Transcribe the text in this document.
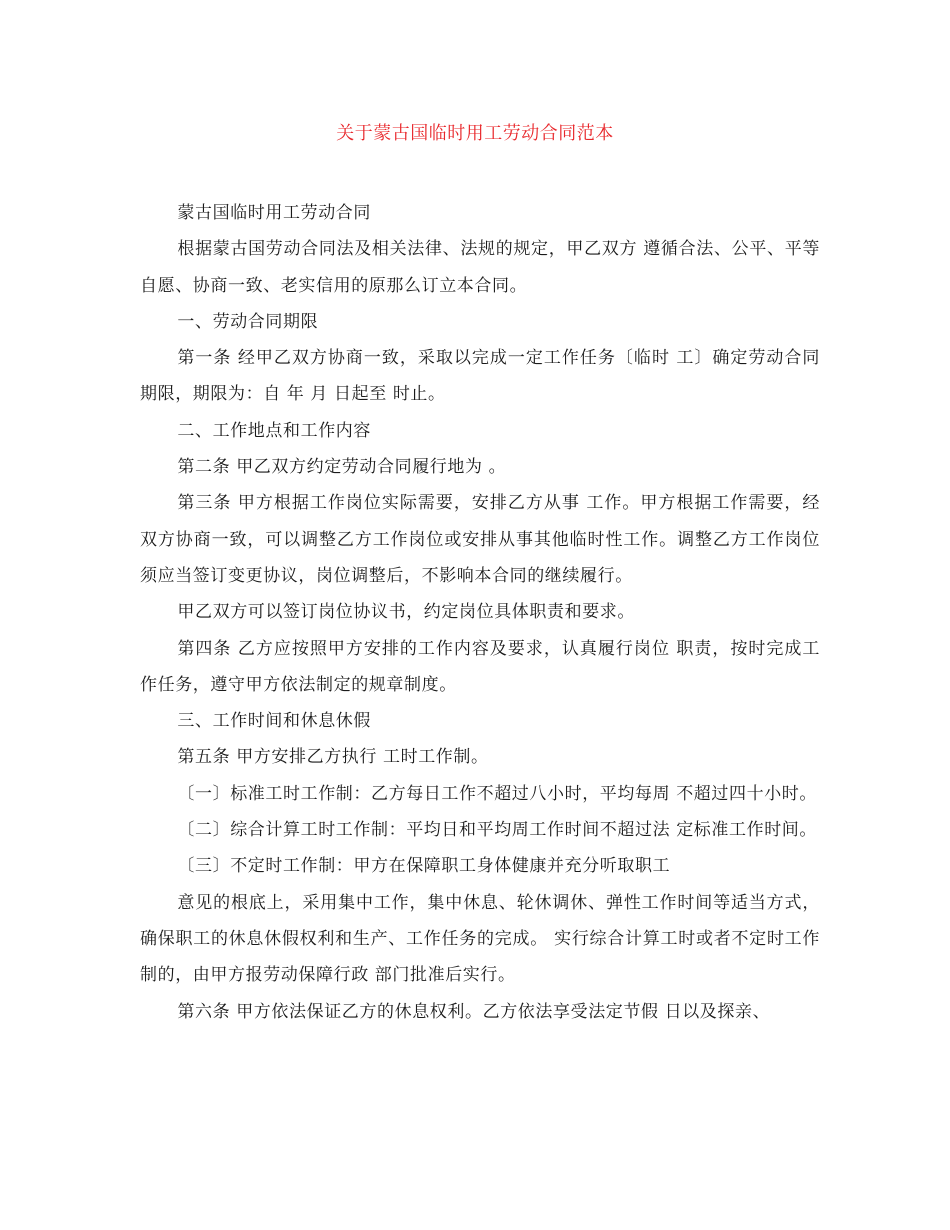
关于蒙古国临时用工劳动合同范本

蒙古国临时用工劳动合同

根据蒙古国劳动合同法及相关法律、法规的规定，甲乙双方 遵循合法、公平、平等自愿、协商一致、老实信用的原那么订立本合同。

一、劳动合同期限

第一条 经甲乙双方协商一致，采取以完成一定工作任务〔临时 工〕确定劳动合同期限，期限为：自 年 月 日起至 时止。

二、工作地点和工作内容

第二条 甲乙双方约定劳动合同履行地为 。

第三条 甲方根据工作岗位实际需要，安排乙方从事 工作。甲方根据工作需要，经双方协商一致，可以调整乙方工作岗位或安排从事其他临时性工作。调整乙方工作岗位须应当签订变更协议，岗位调整后，不影响本合同的继续履行。

甲乙双方可以签订岗位协议书，约定岗位具体职责和要求。

第四条 乙方应按照甲方安排的工作内容及要求，认真履行岗位 职责，按时完成工作任务，遵守甲方依法制定的规章制度。

三、工作时间和休息休假

第五条 甲方安排乙方执行 工时工作制。

〔一〕标准工时工作制：乙方每日工作不超过八小时，平均每周 不超过四十小时。

〔二〕综合计算工时工作制：平均日和平均周工作时间不超过法 定标准工作时间。

〔三〕不定时工作制：甲方在保障职工身体健康并充分听取职工

意见的根底上，采用集中工作，集中休息、轮休调休、弹性工作时间等适当方式，确保职工的休息休假权利和生产、工作任务的完成。 实行综合计算工时或者不定时工作制的，由甲方报劳动保障行政 部门批准后实行。

第六条 甲方依法保证乙方的休息权利。乙方依法享受法定节假 日以及探亲、
